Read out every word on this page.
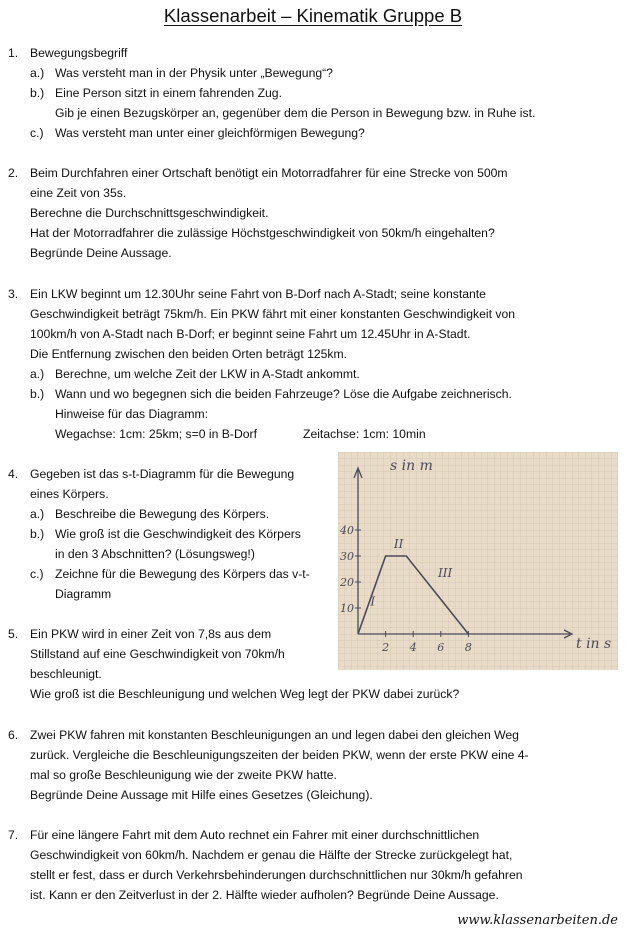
Klassenarbeit – Kinematik Gruppe B
1. Bewegungsbegriff
a.) Was versteht man in der Physik unter „Bewegung“?
b.) Eine Person sitzt in einem fahrenden Zug.
Gib je einen Bezugskörper an, gegenüber dem die Person in Bewegung bzw. in Ruhe ist.
c.) Was versteht man unter einer gleichförmigen Bewegung?
2. Beim Durchfahren einer Ortschaft benötigt ein Motorradfahrer für eine Strecke von 500m
eine Zeit von 35s.
Berechne die Durchschnittsgeschwindigkeit.
Hat der Motorradfahrer die zulässige Höchstgeschwindigkeit von 50km/h eingehalten?
Begründe Deine Aussage.
3. Ein LKW beginnt um 12.30Uhr seine Fahrt von B-Dorf nach A-Stadt; seine konstante
Geschwindigkeit beträgt 75km/h. Ein PKW fährt mit einer konstanten Geschwindigkeit von
100km/h von A-Stadt nach B-Dorf; er beginnt seine Fahrt um 12.45Uhr in A-Stadt.
Die Entfernung zwischen den beiden Orten beträgt 125km.
a.) Berechne, um welche Zeit der LKW in A-Stadt ankommt.
b.) Wann und wo begegnen sich die beiden Fahrzeuge? Löse die Aufgabe zeichnerisch.
Hinweise für das Diagramm:
Wegachse: 1cm: 25km; s=0 in B-Dorf	Zeitachse: 1cm: 10min
4. Gegeben ist das s-t-Diagramm für die Bewegung
eines Körpers.
a.) Beschreibe die Bewegung des Körpers.
b.) Wie groß ist die Geschwindigkeit des Körpers
in den 3 Abschnitten? (Lösungsweg!)
c.) Zeichne für die Bewegung des Körpers das v-t-
Diagramm
10
20
30
40
2 4 6 8
I
II
III
s in m
t in s
5. Ein PKW wird in einer Zeit von 7,8s aus dem
Stillstand auf eine Geschwindigkeit von 70km/h
beschleunigt.
Wie groß ist die Beschleunigung und welchen Weg legt der PKW dabei zurück?
6. Zwei PKW fahren mit konstanten Beschleunigungen an und legen dabei den gleichen Weg
zurück. Vergleiche die Beschleunigungszeiten der beiden PKW, wenn der erste PKW eine 4-
mal so große Beschleunigung wie der zweite PKW hatte.
Begründe Deine Aussage mit Hilfe eines Gesetzes (Gleichung).
7. Für eine längere Fahrt mit dem Auto rechnet ein Fahrer mit einer durchschnittlichen
Geschwindigkeit von 60km/h. Nachdem er genau die Hälfte der Strecke zurückgelegt hat,
stellt er fest, dass er durch Verkehrsbehinderungen durchschnittlichen nur 30km/h gefahren
ist. Kann er den Zeitverlust in der 2. Hälfte wieder aufholen? Begründe Deine Aussage.
www.klassenarbeiten.de
